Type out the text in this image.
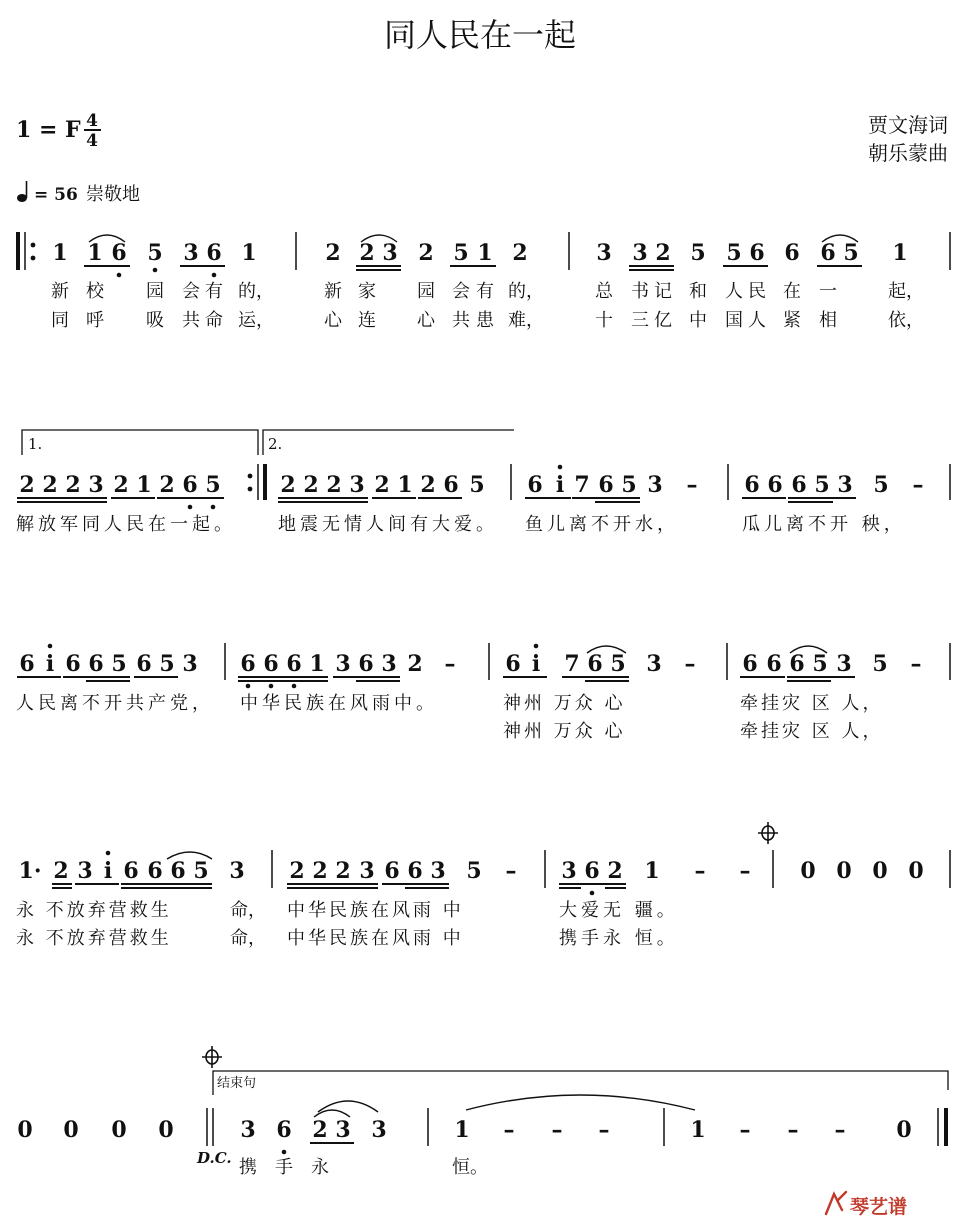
同人民在一起
1 = F 4
4
贾文海词
朝乐蒙曲
= 56 崇敬地
1 1 6 5 3 6 1	2 2 3 2 5 1 2	3 3 2 5 5 6 6 6 5 1
新 校 园 会 有 的，	新 家 园 会 有 的，	总 书 记 和 人 民 在 一	起，
同 呼 吸 共 命 运，	心 连 心 共 患 难，	十 三 亿 中 国 人 紧 相	依，
1.	2.
2 2 2 3 2 1 2 6 5	2 2 2 3 2 1 2 6 5 6 i 7 6 5 3 – 6 6 6 5 3 5 –
解放军同人民在一起。 地震无情人间有大爱。 鱼儿离不开水，	瓜儿离不开 秧，
6 i 6 6 5 6 5 3 6 6 6 1 3 6 3 2 – 6 i 7 6 5 3 – 6 6 6 5 3 5 –
人民离不开共产党， 中华民族在风雨中。	神州 万众 心	牵挂灾 区 人，
神州 万众 心	牵挂灾 区 人，
1· 2 3 i 6 6 6 5 3 2 2 2 3 6 6 3 5 – 3 6 2 1 – – 0 0 0 0
永 不放弃营救生	命， 中华民族在风雨 中	大爱无 疆。
永 不放弃营救生	命， 中华民族在风雨 中	携手永 恒。
结束句
0 0 0 0	3 6 2 3 3	1 – – –	1 – – – 0
D.C. 携 手 永	恒。
琴艺谱
